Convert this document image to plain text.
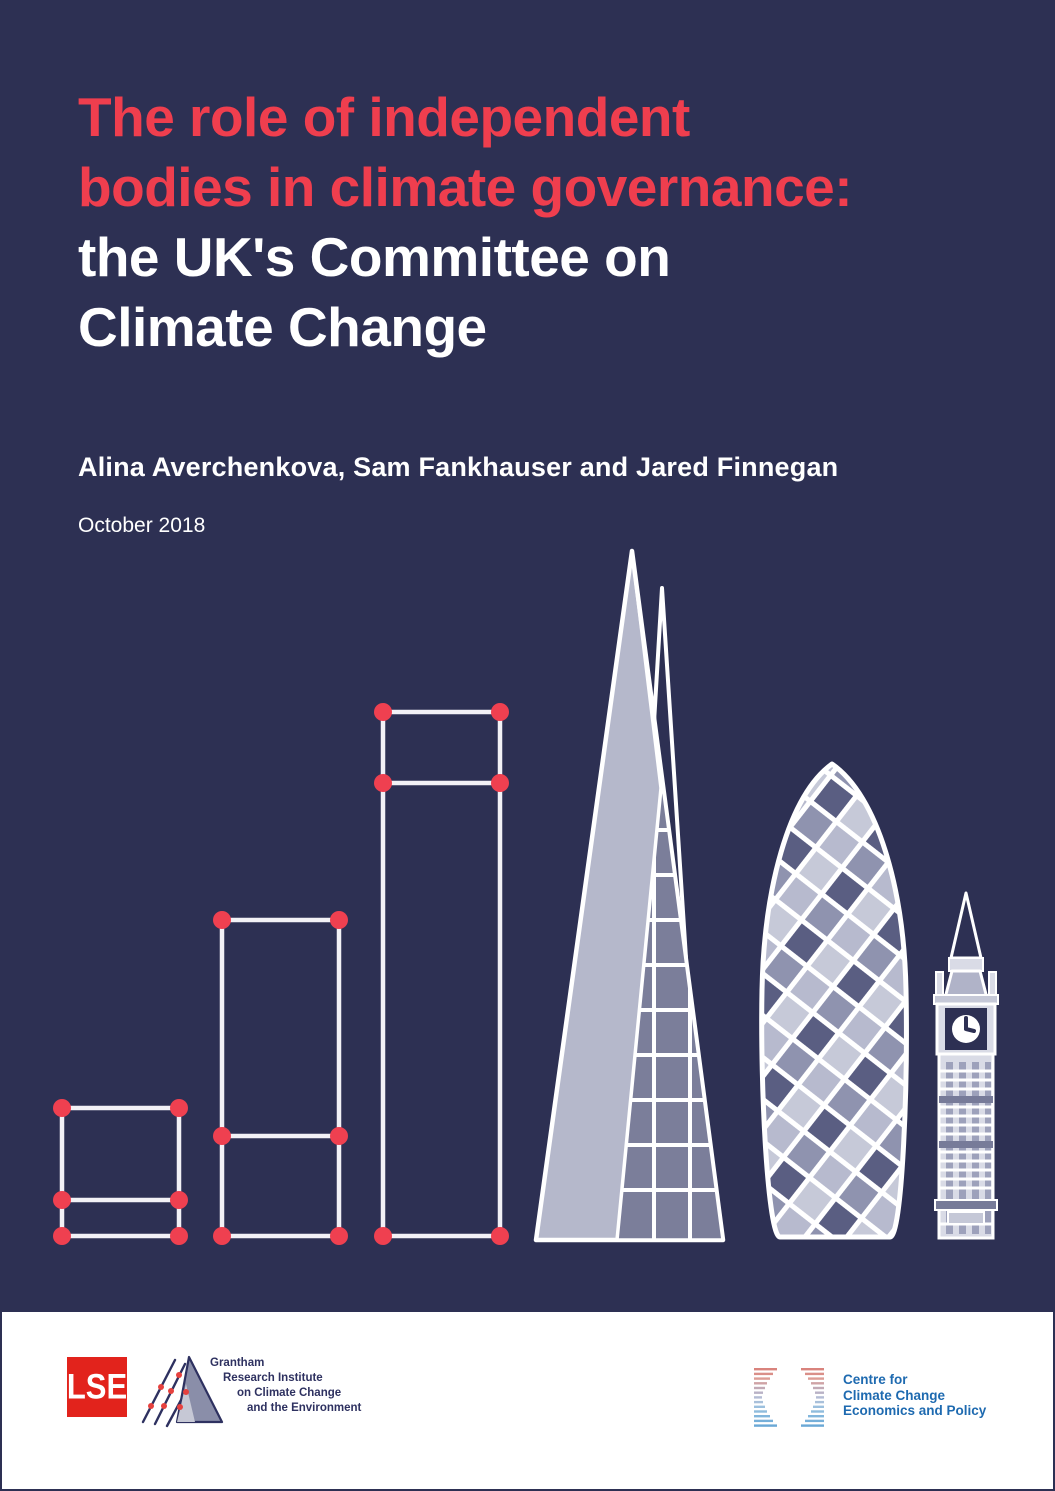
The role of independent
bodies in climate governance:
the UK's Committee on
Climate Change
Alina Averchenkova, Sam Fankhauser and Jared Finnegan
October 2018
LSE
Grantham
Research Institute
on Climate Change
and the Environment
Centre for
Climate Change
Economics and Policy
